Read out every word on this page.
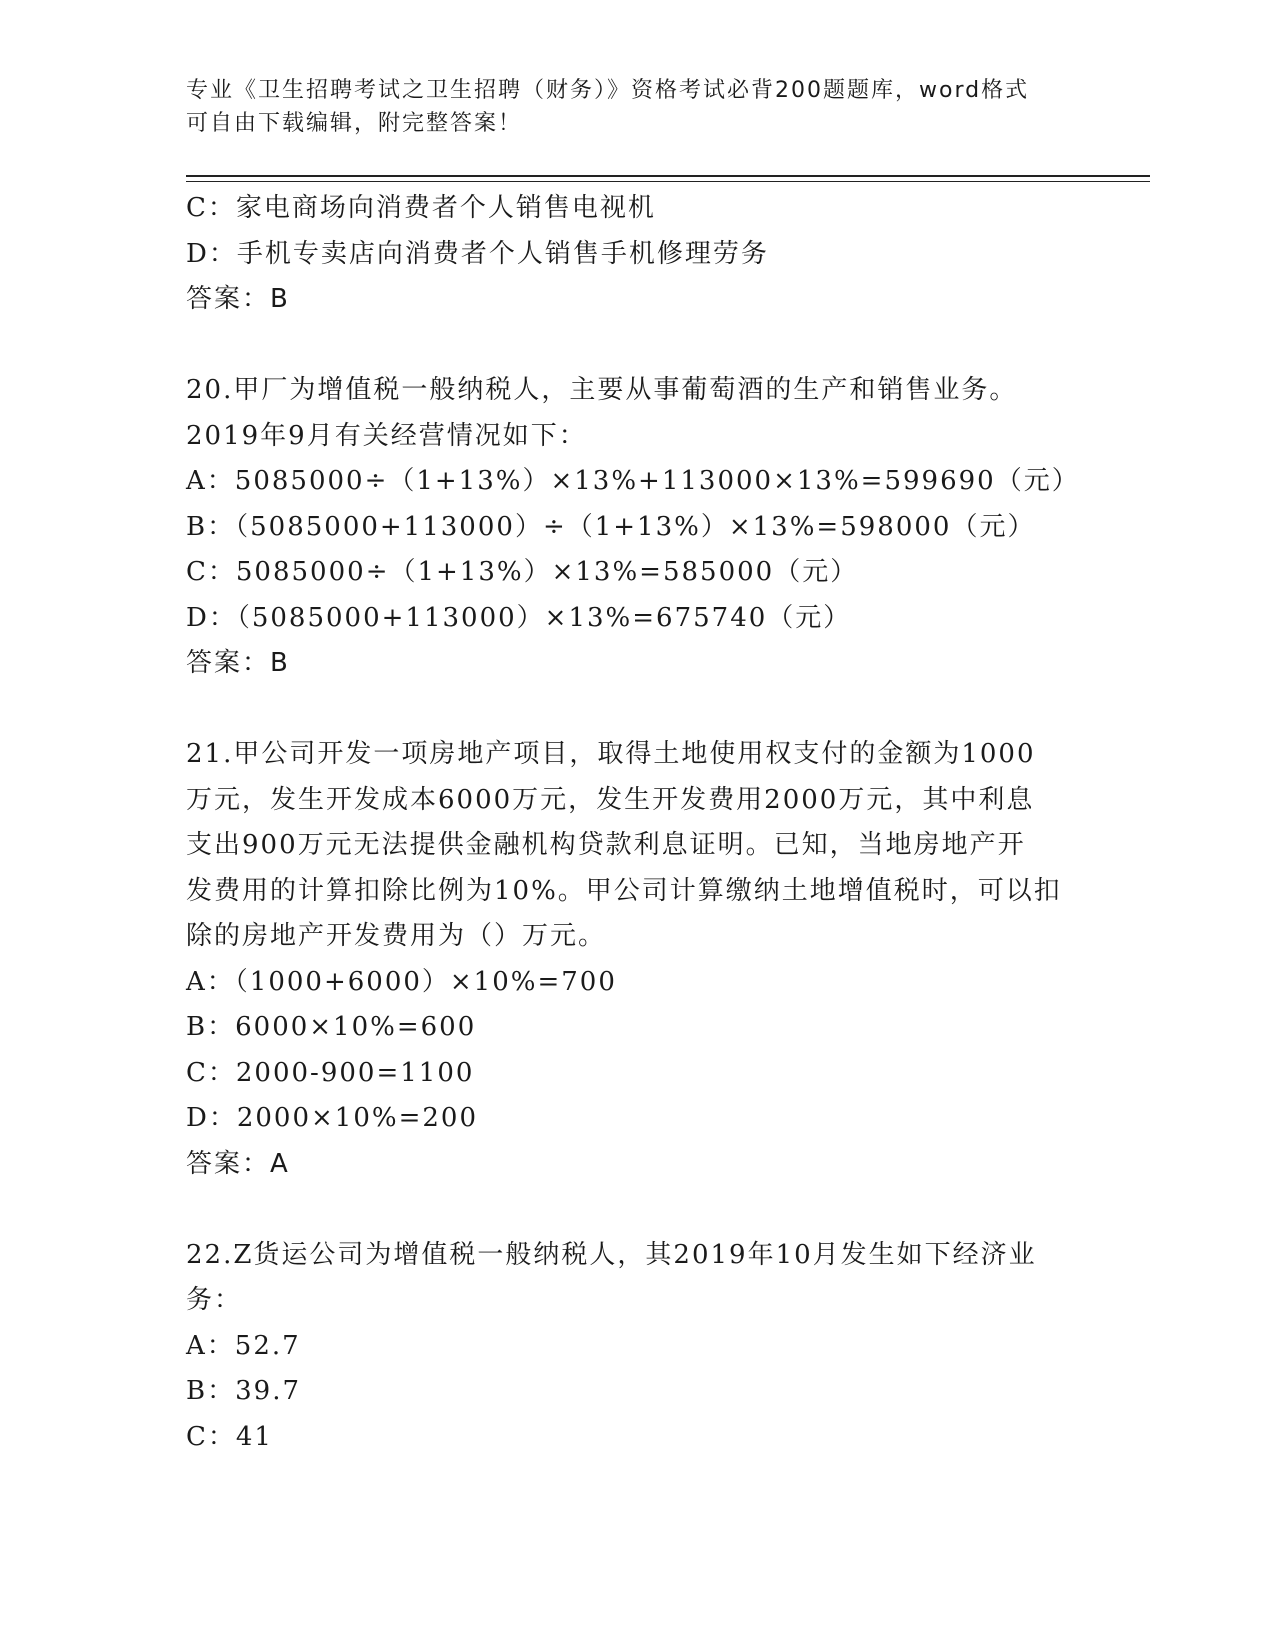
专业《卫生招聘考试之卫生招聘（财务）》资格考试必背200题题库，word格式
可自由下载编辑，附完整答案！
C：家电商场向消费者个人销售电视机
D：手机专卖店向消费者个人销售手机修理劳务
答案：B
20.甲厂为增值税一般纳税人，主要从事葡萄酒的生产和销售业务。
2019年9月有关经营情况如下：
A：5085000÷（1+13%）×13%+113000×13%=599690（元）
B：（5085000+113000）÷（1+13%）×13%=598000（元）
C：5085000÷（1+13%）×13%=585000（元）
D：（5085000+113000）×13%=675740（元）
答案：B
21.甲公司开发一项房地产项目，取得土地使用权支付的金额为1000
万元，发生开发成本6000万元，发生开发费用2000万元，其中利息
支出900万元无法提供金融机构贷款利息证明。已知，当地房地产开
发费用的计算扣除比例为10%。甲公司计算缴纳土地增值税时，可以扣
除的房地产开发费用为（）万元。
A：（1000+6000）×10%=700
B：6000×10%=600
C：2000-900=1100
D：2000×10%=200
答案：A
22.Z货运公司为增值税一般纳税人，其2019年10月发生如下经济业
务：
A：52.7
B：39.7
C：41
